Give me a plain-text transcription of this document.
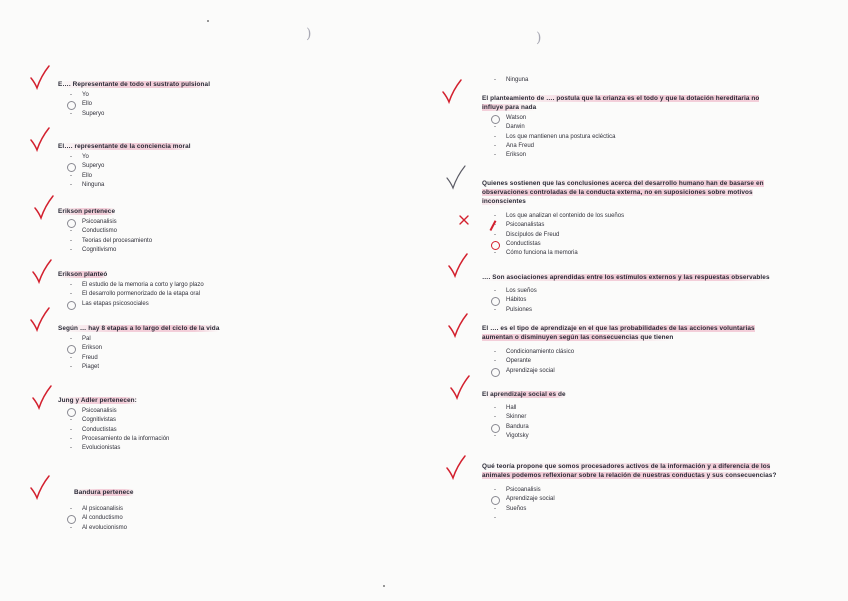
)	)
E…. Representante de todo el sustrato pulsional
- Yo
Ello
- Superyo
El…. representante de la conciencia moral
- Yo
Superyo
- Ello
- Ninguna
Erikson pertenece
Psicoanalisis
- Conductismo
- Teorias del procesamiento
- Cognitivismo
Erikson planteó
- El estudio de la memoria a corto y largo plazo
- El desarrollo pormenorizado de la etapa oral
Las etapas psicosociales
Según … hay 8 etapas a lo largo del ciclo de la vida
- Pal
Erikson
- Freud
- Piaget
Jung y Adler pertenecen:
Psicoanalisis
- Cognitivistas
- Conductistas
- Procesamiento de la información
- Evolucionistas
Bandura pertenece
- Al psicoanalisis
Al conductismo
- Al evolucionismo
- Ninguna
El planteamiento de …. postula que la crianza es el todo y que la dotación hereditaria no influye para nada
Watson
- Darwin
- Los que mantienen una postura ecléctica
- Ana Freud
- Erikson
Quienes sostienen que las conclusiones acerca del desarrollo humano han de basarse en observaciones controladas de la conducta externa, no en suposiciones sobre motivos inconscientes
- Los que analizan el contenido de los sueños
- Psicoanalistas
- Discípulos de Freud
Conductistas
- Cómo funciona la memoria
…. Son asociaciones aprendidas entre los estímulos externos y las respuestas observables
- Los sueños
Hábitos
- Pulsiones
El …. es el tipo de aprendizaje en el que las probabilidades de las acciones voluntarias aumentan o disminuyen según las consecuencias que tienen
- Condicionamiento clásico
- Operante
Aprendizaje social
El aprendizaje social es de
- Hall
- Skinner
Bandura
- Vigotsky
Qué teoría propone que somos procesadores activos de la información y a diferencia de los animales podemos reflexionar sobre la relación de nuestras conductas y sus consecuencias?
- Psicoanalisis
Aprendizaje social
- Sueños
-
